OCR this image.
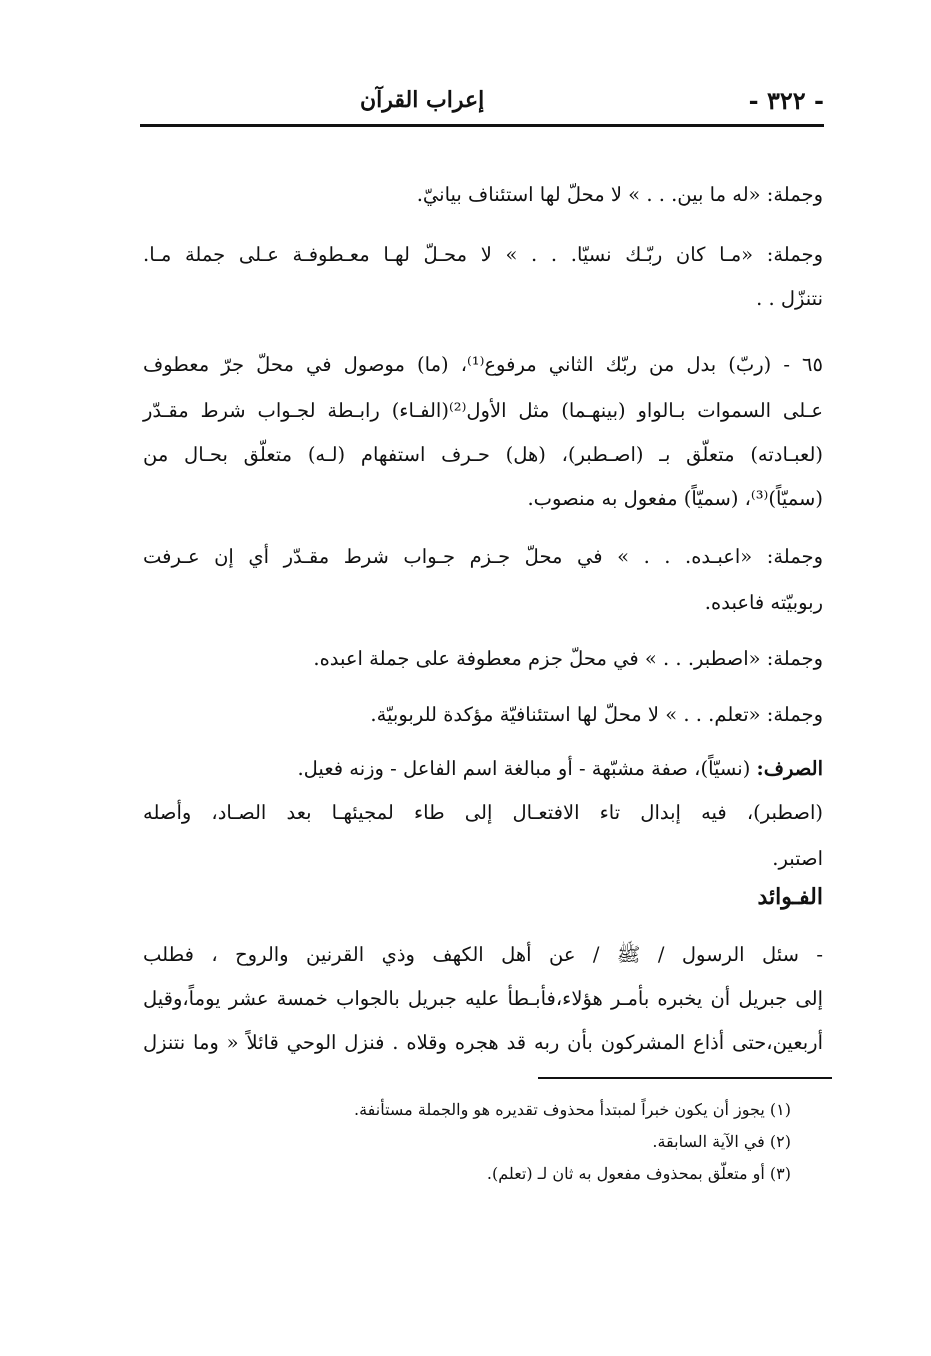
- ٣٢٢ -
إعراب القرآن
وجملة: «له ما بين. . . » لا محلّ لها استئناف بيانيّ.
وجملة: «مـا كان ربّـك نسيّا. . . » لا محـلّ لهـا معـطوفـة عـلى جملة مـا.
نتنزّل . .
٦٥ - (ربّ) بدل من ربّك الثاني مرفوع⁽¹⁾، (ما) موصول في محلّ جرّ معطوف
عـلى السموات بـالواو (بينهـما) مثل الأول⁽²⁾(الفـاء) رابـطة لجـواب شرط مقـدّر
(لعبـادته) متعلّق بـ (اصـطبر)، (هل) حـرف استفهام (لـه) متعلّق بحـال من
(سميّاً)⁽³⁾، (سميّاً) مفعول به منصوب.
وجملة: «اعبـده. . . » في محلّ جـزم جـواب شرط مقـدّر أي إن عـرفت
ربوبيّته فاعبده.
وجملة: «اصطبر. . . » في محلّ جزم معطوفة على جملة اعبده.
وجملة: «تعلم. . . » لا محلّ لها استئنافيّة مؤكدة للربوبيّة.
الصرف: (نسيّاً)، صفة مشبّهة - أو مبالغة اسم الفاعل - وزنه فعيل.
(اصطبر)، فيه إبدال تاء الافتعـال إلى طاء لمجيئهـا بعد الصـاد، وأصله
اصتبر.
الفـوائد
- سئل الرسول / ﷺ / عن أهل الكهف وذي القرنين والروح ، فطلب
إلى جبريل أن يخبره بأمـر هؤلاء،فأبـطأ عليه جبريل بالجواب خمسة عشر يوماً،وقيل
أربعين،حتى أذاع المشركون بأن ربه قد هجره وقلاه . فنزل الوحي قائلاً « وما نتنزل
(١) يجوز أن يكون خبراً لمبتدأ محذوف تقديره هو والجملة مستأنفة.
(٢) في الآية السابقة.
(٣) أو متعلّق بمحذوف مفعول به ثان لـ (تعلم).
